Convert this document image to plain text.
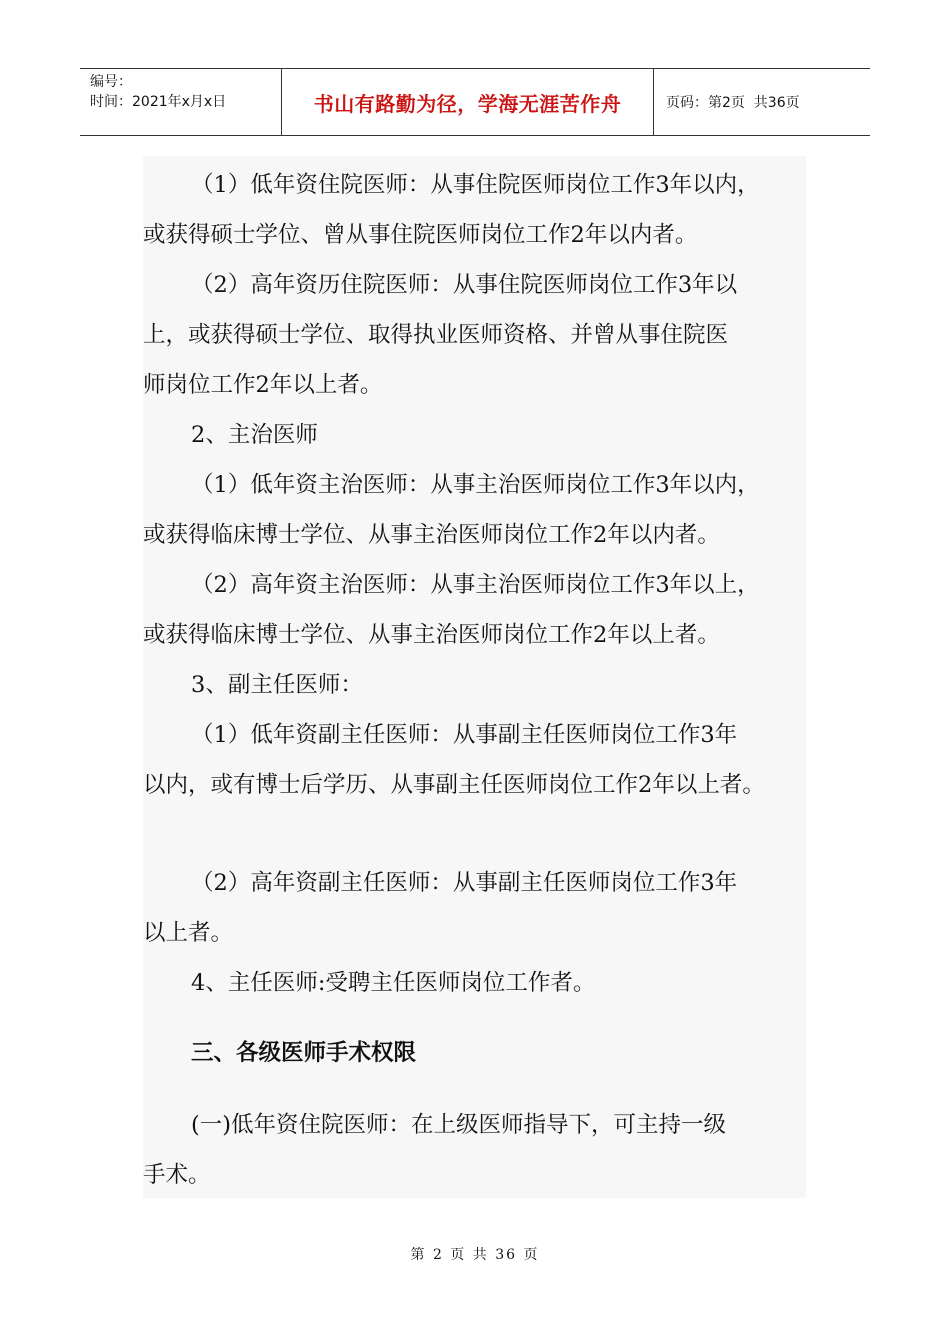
编号：
时间：2021年x月x日	书山有路勤为径，学海无涯苦作舟	页码：第2页  共36页
（1）低年资住院医师：从事住院医师岗位工作3年以内，
或获得硕士学位、曾从事住院医师岗位工作2年以内者。
（2）高年资历住院医师：从事住院医师岗位工作3年以
上，或获得硕士学位、取得执业医师资格、并曾从事住院医
师岗位工作2年以上者。
2、主治医师
（1）低年资主治医师：从事主治医师岗位工作3年以内，
或获得临床博士学位、从事主治医师岗位工作2年以内者。
（2）高年资主治医师：从事主治医师岗位工作3年以上，
或获得临床博士学位、从事主治医师岗位工作2年以上者。
3、副主任医师：
（1）低年资副主任医师：从事副主任医师岗位工作3年
以内，或有博士后学历、从事副主任医师岗位工作2年以上者。
（2）高年资副主任医师：从事副主任医师岗位工作3年
以上者。
4、主任医师:受聘主任医师岗位工作者。
三、各级医师手术权限
(一)低年资住院医师：在上级医师指导下，可主持一级
手术。
第 2 页 共 36 页
